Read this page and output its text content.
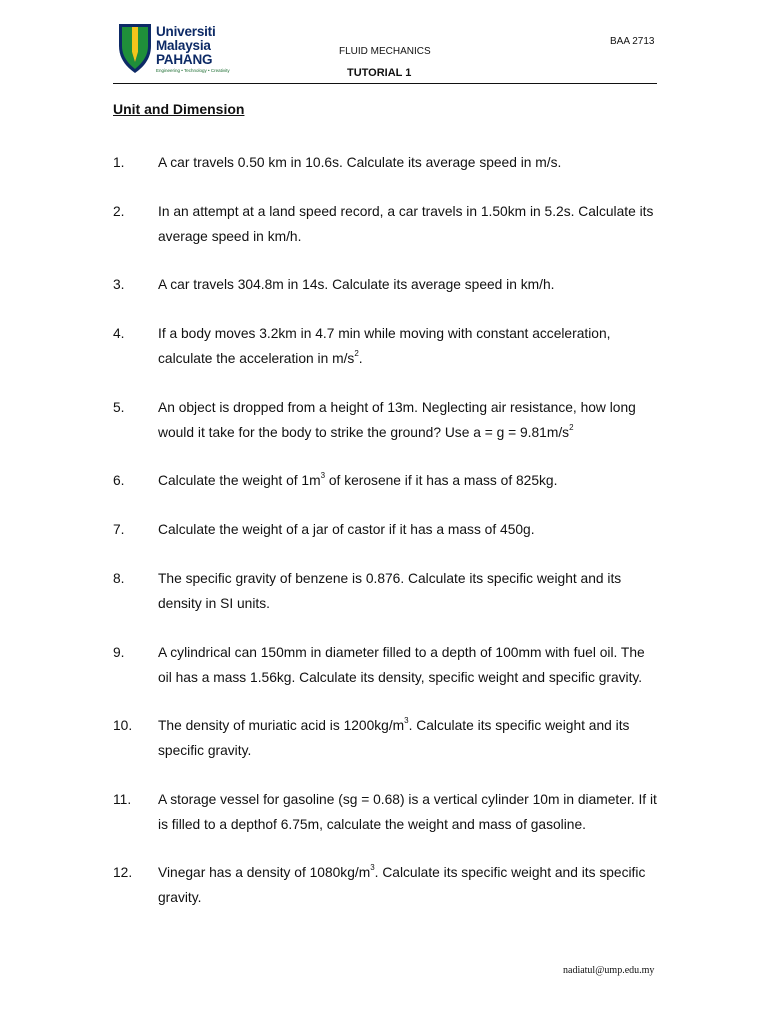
Universiti
Malaysia
PAHANG
Engineering • Technology • Creativity
BAA 2713
FLUID MECHANICS
TUTORIAL 1
Unit and Dimension
1. A car travels 0.50 km in 10.6s. Calculate its average speed in m/s.
2. In an attempt at a land speed record, a car travels in 1.50km in 5.2s. Calculate its average speed in km/h.
3. A car travels 304.8m in 14s. Calculate its average speed in km/h.
4. If a body moves 3.2km in 4.7 min while moving with constant acceleration, calculate the acceleration in $m/s^2$.
5. An object is dropped from a height of 13m. Neglecting air resistance, how long would it take for the body to strike the ground? Use $a = g = 9.81m/s^2$
6. Calculate the weight of $1m^3$ of kerosene if it has a mass of 825kg.
7. Calculate the weight of a jar of castor if it has a mass of 450g.
8. The specific gravity of benzene is 0.876. Calculate its specific weight and its density in SI units.
9. A cylindrical can 150mm in diameter filled to a depth of 100mm with fuel oil. The oil has a mass 1.56kg. Calculate its density, specific weight and specific gravity.
10. The density of muriatic acid is $1200kg/m^3$. Calculate its specific weight and its specific gravity.
11. A storage vessel for gasoline (sg = 0.68) is a vertical cylinder 10m in diameter. If it is filled to a depthof 6.75m, calculate the weight and mass of gasoline.
12. Vinegar has a density of $1080kg/m^3$. Calculate its specific weight and its specific gravity.
nadiatul@ump.edu.my
